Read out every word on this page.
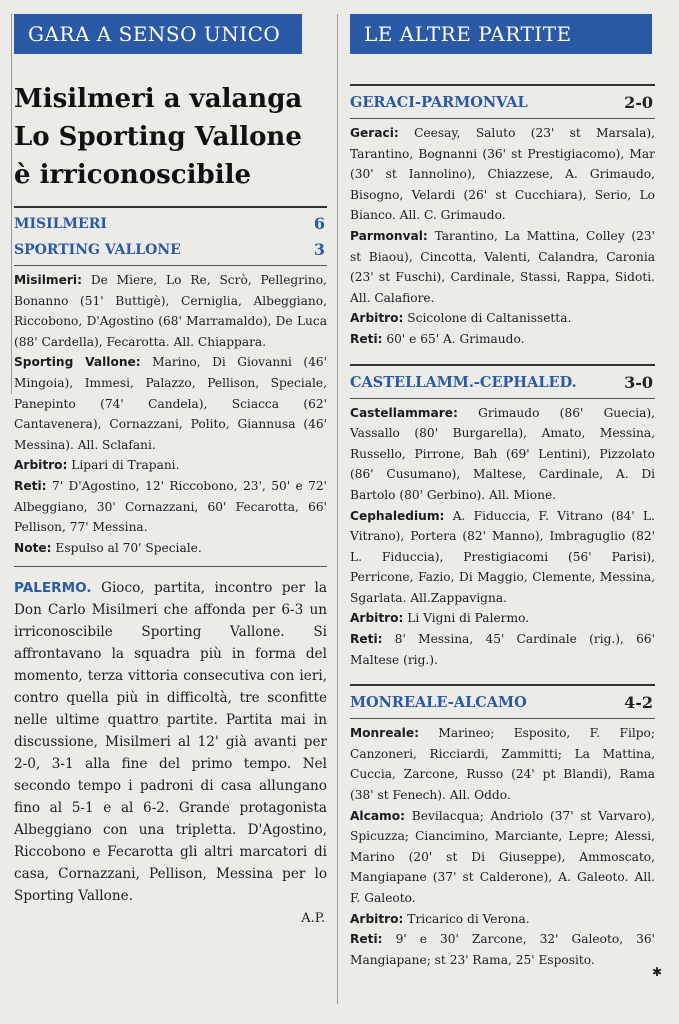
GARA A SENSO UNICO
Misilmeri a valanga
Lo Sporting Vallone
è irriconoscibile
MISILMERI	6
SPORTING VALLONE	3

Misilmeri: De Miere, Lo Re, Scrò, Pellegrino, Bonanno (51' Buttigè), Cerniglia, Albeggiano, Riccobono, D'Agostino (68' Marramaldo), De Luca (88' Cardella), Fecarotta. All. Chiappara.

Sporting Vallone: Marino, Di Giovanni (46' Mingoia), Immesi, Palazzo, Pellison, Speciale, Panepinto (74' Candela), Sciacca (62' Cantavenera), Cornazzani, Polito, Giannusa (46' Messina). All. Sclafani.

Arbitro: Lipari di Trapani.

Reti: 7' D'Agostino, 12' Riccobono, 23', 50' e 72' Albeggiano, 30' Cornazzani, 60' Fecarotta, 66' Pellison, 77' Messina.

Note: Espulso al 70' Speciale.

PALERMO. Gioco, partita, incontro per la Don Carlo Misilmeri che affonda per 6-3 un irriconoscibile Sporting Vallone. Si affrontavano la squadra più in forma del momento, terza vittoria consecutiva con ieri, contro quella più in difficoltà, tre sconfitte nelle ultime quattro partite. Partita mai in discussione, Misilmeri al 12' già avanti per 2-0, 3-1 alla fine del primo tempo. Nel secondo tempo i padroni di casa allungano fino al 5-1 e al 6-2. Grande protagonista Albeggiano con una tripletta. D'Agostino, Riccobono e Fecarotta gli altri marcatori di casa, Cornazzani, Pellison, Messina per lo Sporting Vallone.
A.P.
LE ALTRE PARTITE
GERACI-PARMONVAL	2-0

Geraci: Ceesay, Saluto (23' st Marsala), Tarantino, Bognanni (36' st Prestigiacomo), Mar (30' st Iannolino), Chiazzese, A. Grimaudo, Bisogno, Velardi (26' st Cucchiara), Serio, Lo Bianco. All. C. Grimaudo.

Parmonval: Tarantino, La Mattina, Colley (23' st Biaou), Cincotta, Valenti, Calandra, Caronia (23' st Fuschi), Cardinale, Stassi, Rappa, Sidoti. All. Calafiore.

Arbitro: Scicolone di Caltanissetta.

Reti: 60' e 65' A. Grimaudo.

CASTELLAMM.-CEPHALED.	3-0

Castellammare: Grimaudo (86' Guecia), Vassallo (80' Burgarella), Amato, Messina, Russello, Pirrone, Bah (69' Lentini), Pizzolato (86' Cusumano), Maltese, Cardinale, A. Di Bartolo (80' Gerbino). All. Mione.

Cephaledium: A. Fiduccia, F. Vitrano (84' L. Vitrano), Portera (82' Manno), Imbraguglio (82' L. Fiduccia), Prestigiacomi (56' Parisi), Perricone, Fazio, Di Maggio, Clemente, Messina, Sgarlata. All.Zappavigna.

Arbitro: Li Vigni di Palermo.

Reti: 8' Messina, 45' Cardinale (rig.), 66' Maltese (rig.).

MONREALE-ALCAMO	4-2

Monreale: Marineo; Esposito, F. Filpo; Canzoneri, Ricciardi, Zammitti; La Mattina, Cuccia, Zarcone, Russo (24' pt Blandi), Rama (38' st Fenech). All. Oddo.

Alcamo: Bevilacqua; Andriolo (37' st Varvaro), Spicuzza; Ciancimino, Marciante, Lepre; Alessi, Marino (20' st Di Giuseppe), Ammoscato, Mangiapane (37' st Calderone), A. Galeoto. All. F. Galeoto.

Arbitro: Tricarico di Verona.

Reti: 9' e 30' Zarcone, 32' Galeoto, 36' Mangiapane; st 23' Rama, 25' Esposito.

✱
